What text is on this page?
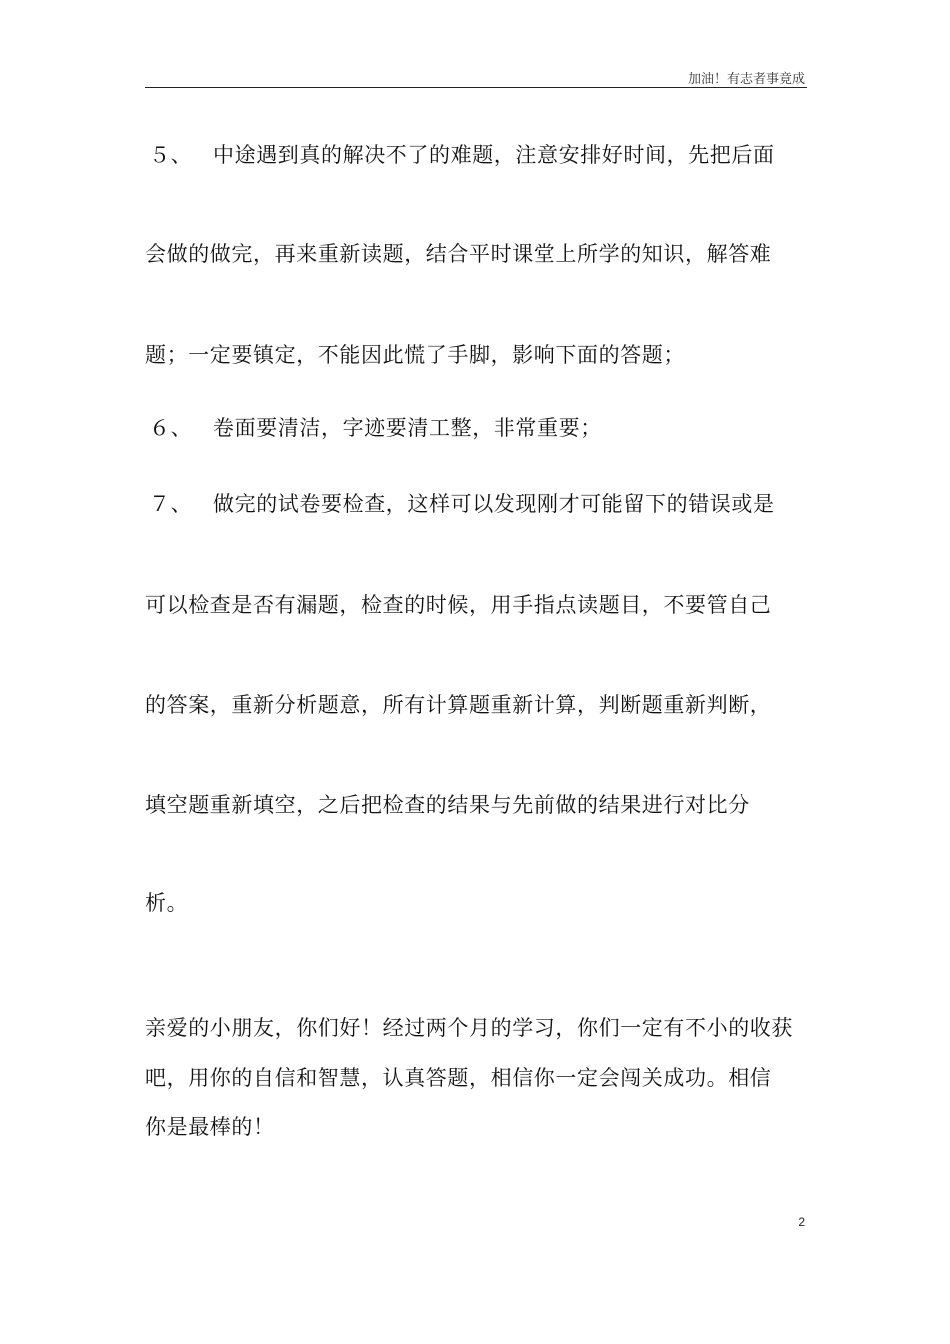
加油！有志者事竟成
５、 中途遇到真的解决不了的难题，注意安排好时间，先把后面
会做的做完，再来重新读题，结合平时课堂上所学的知识，解答难
题；一定要镇定，不能因此慌了手脚，影响下面的答题；
６、 卷面要清洁，字迹要清工整，非常重要；
７、 做完的试卷要检查，这样可以发现刚才可能留下的错误或是
可以检查是否有漏题，检查的时候，用手指点读题目，不要管自己
的答案，重新分析题意，所有计算题重新计算，判断题重新判断，
填空题重新填空，之后把检查的结果与先前做的结果进行对比分
析。
亲爱的小朋友，你们好！经过两个月的学习，你们一定有不小的收获
吧，用你的自信和智慧，认真答题，相信你一定会闯关成功。相信
你是最棒的！
2
